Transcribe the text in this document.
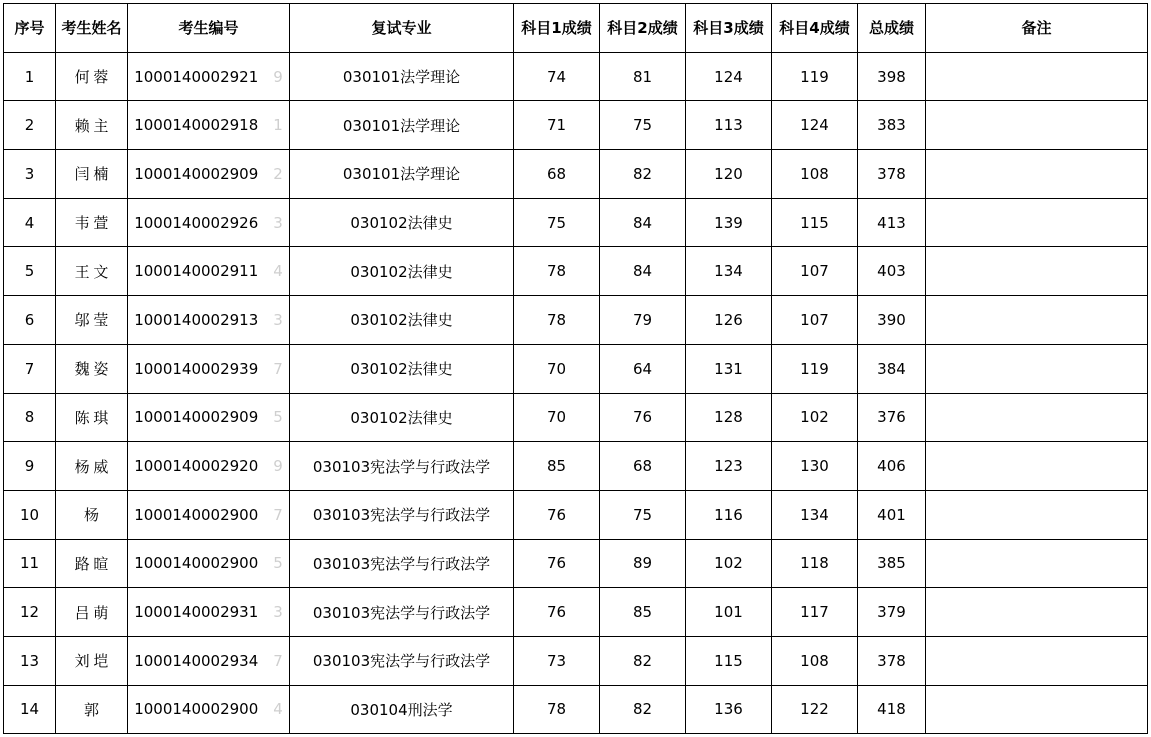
序号	考生姓名	考生编号	复试专业	科目1成绩	科目2成绩	科目3成绩	科目4成绩	总成绩	备注
1	何 蓉	1000140002921  9	030101法学理论	74	81	124	119	398	
2	赖 主	1000140002918  1	030101法学理论	71	75	113	124	383	
3	闫 楠	1000140002909  2	030101法学理论	68	82	120	108	378	
4	韦 萱	1000140002926  3	030102法律史	75	84	139	115	413	
5	王 文	1000140002911  4	030102法律史	78	84	134	107	403	
6	邬 莹	1000140002913  3	030102法律史	78	79	126	107	390	
7	魏 姿	1000140002939  7	030102法律史	70	64	131	119	384	
8	陈 琪	1000140002909  5	030102法律史	70	76	128	102	376	
9	杨 威	1000140002920  9	030103宪法学与行政法学	85	68	123	130	406	
10	杨	1000140002900  7	030103宪法学与行政法学	76	75	116	134	401	
11	路 暄	1000140002900  5	030103宪法学与行政法学	76	89	102	118	385	
12	吕 萌	1000140002931  3	030103宪法学与行政法学	76	85	101	117	379	
13	刘 垲	1000140002934  7	030103宪法学与行政法学	73	82	115	108	378	
14	郭	1000140002900  4	030104刑法学	78	82	136	122	418	
